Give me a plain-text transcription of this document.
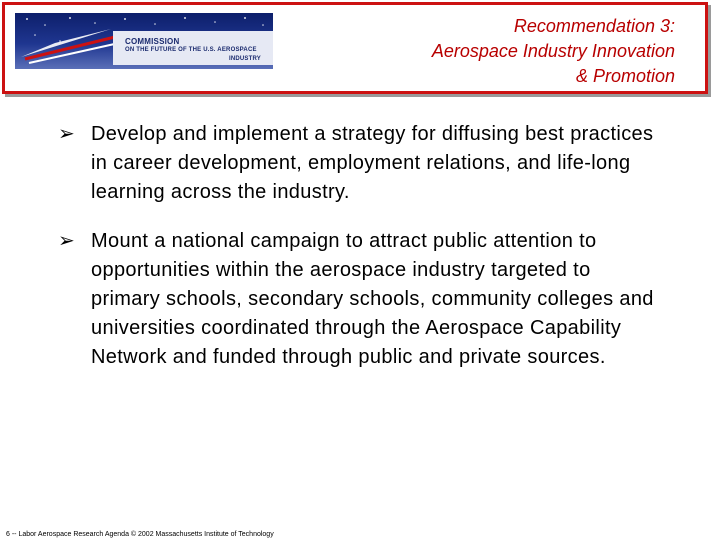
COMMISSION
ON THE FUTURE OF THE U.S. AEROSPACE
INDUSTRY
Recommendation 3:
Aerospace Industry Innovation
& Promotion
➢ Develop and implement a strategy for diffusing best practices in career development, employment relations, and life-long learning across the industry.
➢ Mount a national campaign to attract public attention to opportunities within the aerospace industry targeted to primary schools, secondary schools, community colleges and universities coordinated through the Aerospace Capability Network and funded through public and private sources.
6 -- Labor Aerospace Research Agenda © 2002 Massachusetts Institute of Technology
